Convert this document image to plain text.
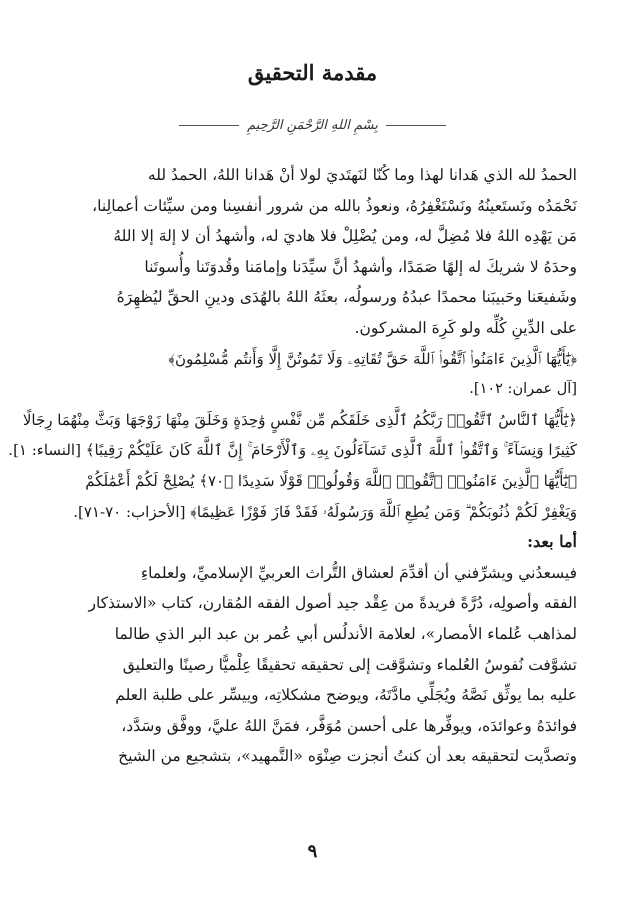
مقدمة التحقيق
بِسْمِ اللهِ الرَّحْمَنِ الرَّحِيمِ
الحمدُ لله الذي هَدانا لهذا وما كُنّا لنَهتَديَ لولا أنْ هَدانا اللهُ، الحمدُ لله
نَحْمَدُه ونَستَعينُهُ ونَسْتَغْفِرُهُ، ونعوذُ بالله من شرور أنفسِنا ومن سيِّئات أعمالِنا،
مَن يَهْدِه اللهُ فلا مُضِلَّ له، ومن يُضْلِلْ فلا هاديَ له، وأشهدُ أن لا إلهَ إلا اللهُ
وحدَهُ لا شريكَ له إلهًا صَمَدًا، وأشهدُ أنَّ سيِّدَنا وإمامَنا وقُدوَتَنا وأُسوتَنا
وشَفيعَنا وحَبيبَنا محمدًا عبدُهُ ورسولُه، بعثَهُ اللهُ بالهُدَى ودينِ الحقِّ ليُظهِرَهُ
على الدِّينِ كُلِّه ولو كَرِهَ المشركون.
﴿يَٰٓأَيُّهَا ٱلَّذِينَ ءَامَنُوا۟ ٱتَّقُوا۟ ٱللَّهَ حَقَّ تُقَاتِهِۦ وَلَا تَمُوتُنَّ إِلَّا وَأَنتُم مُّسْلِمُونَ﴾
[آل عمران: ١٠٢].
﴿يَٰٓأَيُّهَا ٱلنَّاسُ ٱتَّقُوا۟ رَبَّكُمُ ٱلَّذِى خَلَقَكُم مِّن نَّفْسٍ وَٰحِدَةٍ وَخَلَقَ مِنْهَا زَوْجَهَا وَبَثَّ مِنْهُمَا رِجَالًا
كَثِيرًا وَنِسَآءً ۚ وَٱتَّقُوا۟ ٱللَّهَ ٱلَّذِى تَسَآءَلُونَ بِهِۦ وَٱلْأَرْحَامَ ۚ إِنَّ ٱللَّهَ كَانَ عَلَيْكُمْ رَقِيبًا﴾ [النساء: ١].
﴿يَٰٓأَيُّهَا ٱلَّذِينَ ءَامَنُوا۟ ٱتَّقُوا۟ ٱللَّهَ وَقُولُوا۟ قَوْلًا سَدِيدًا ﴿٧٠﴾ يُصْلِحْ لَكُمْ أَعْمَٰلَكُمْ
وَيَغْفِرْ لَكُمْ ذُنُوبَكُمْ ۗ وَمَن يُطِعِ ٱللَّهَ وَرَسُولَهُۥ فَقَدْ فَازَ فَوْزًا عَظِيمًا﴾ [الأحزاب: ٧٠-٧١].
أما بعد:
فيسعدُني ويشرِّفني أن أقدِّمَ لعشاق التُّراث العربيِّ الإسلاميِّ، ولعلماءِ
الفقه وأصولِه، دُرَّةً فريدةً من عِقْد جيد أصول الفقه المُقارن، كتاب «الاستذكار
لمذاهب عُلماء الأمصار»، لعلامة الأندلُس أبي عُمر بن عبد البر الذي طالما
تشوَّفت نُفوسُ العُلماء وتشوَّقت إلى تحقيقه تحقيقًا عِلْميًّا رصينًا والتعليق
عليه بما يوثِّق نَصَّهُ ويُجَلِّي مادَّتَهُ، ويوضح مشكلاتِه، وييسِّر على طلبة العلم
فوائدَهُ وعوائدَه، ويوفِّرها على أحسن مُوَفَّر، فمَنَّ اللهُ عليَّ، ووفَّق وسَدَّد،
وتصدَّيت لتحقيقه بعد أن كنتُ أنجزت صِنْوَه «التَّمهيد»، بتشجيع من الشيخ
٩
